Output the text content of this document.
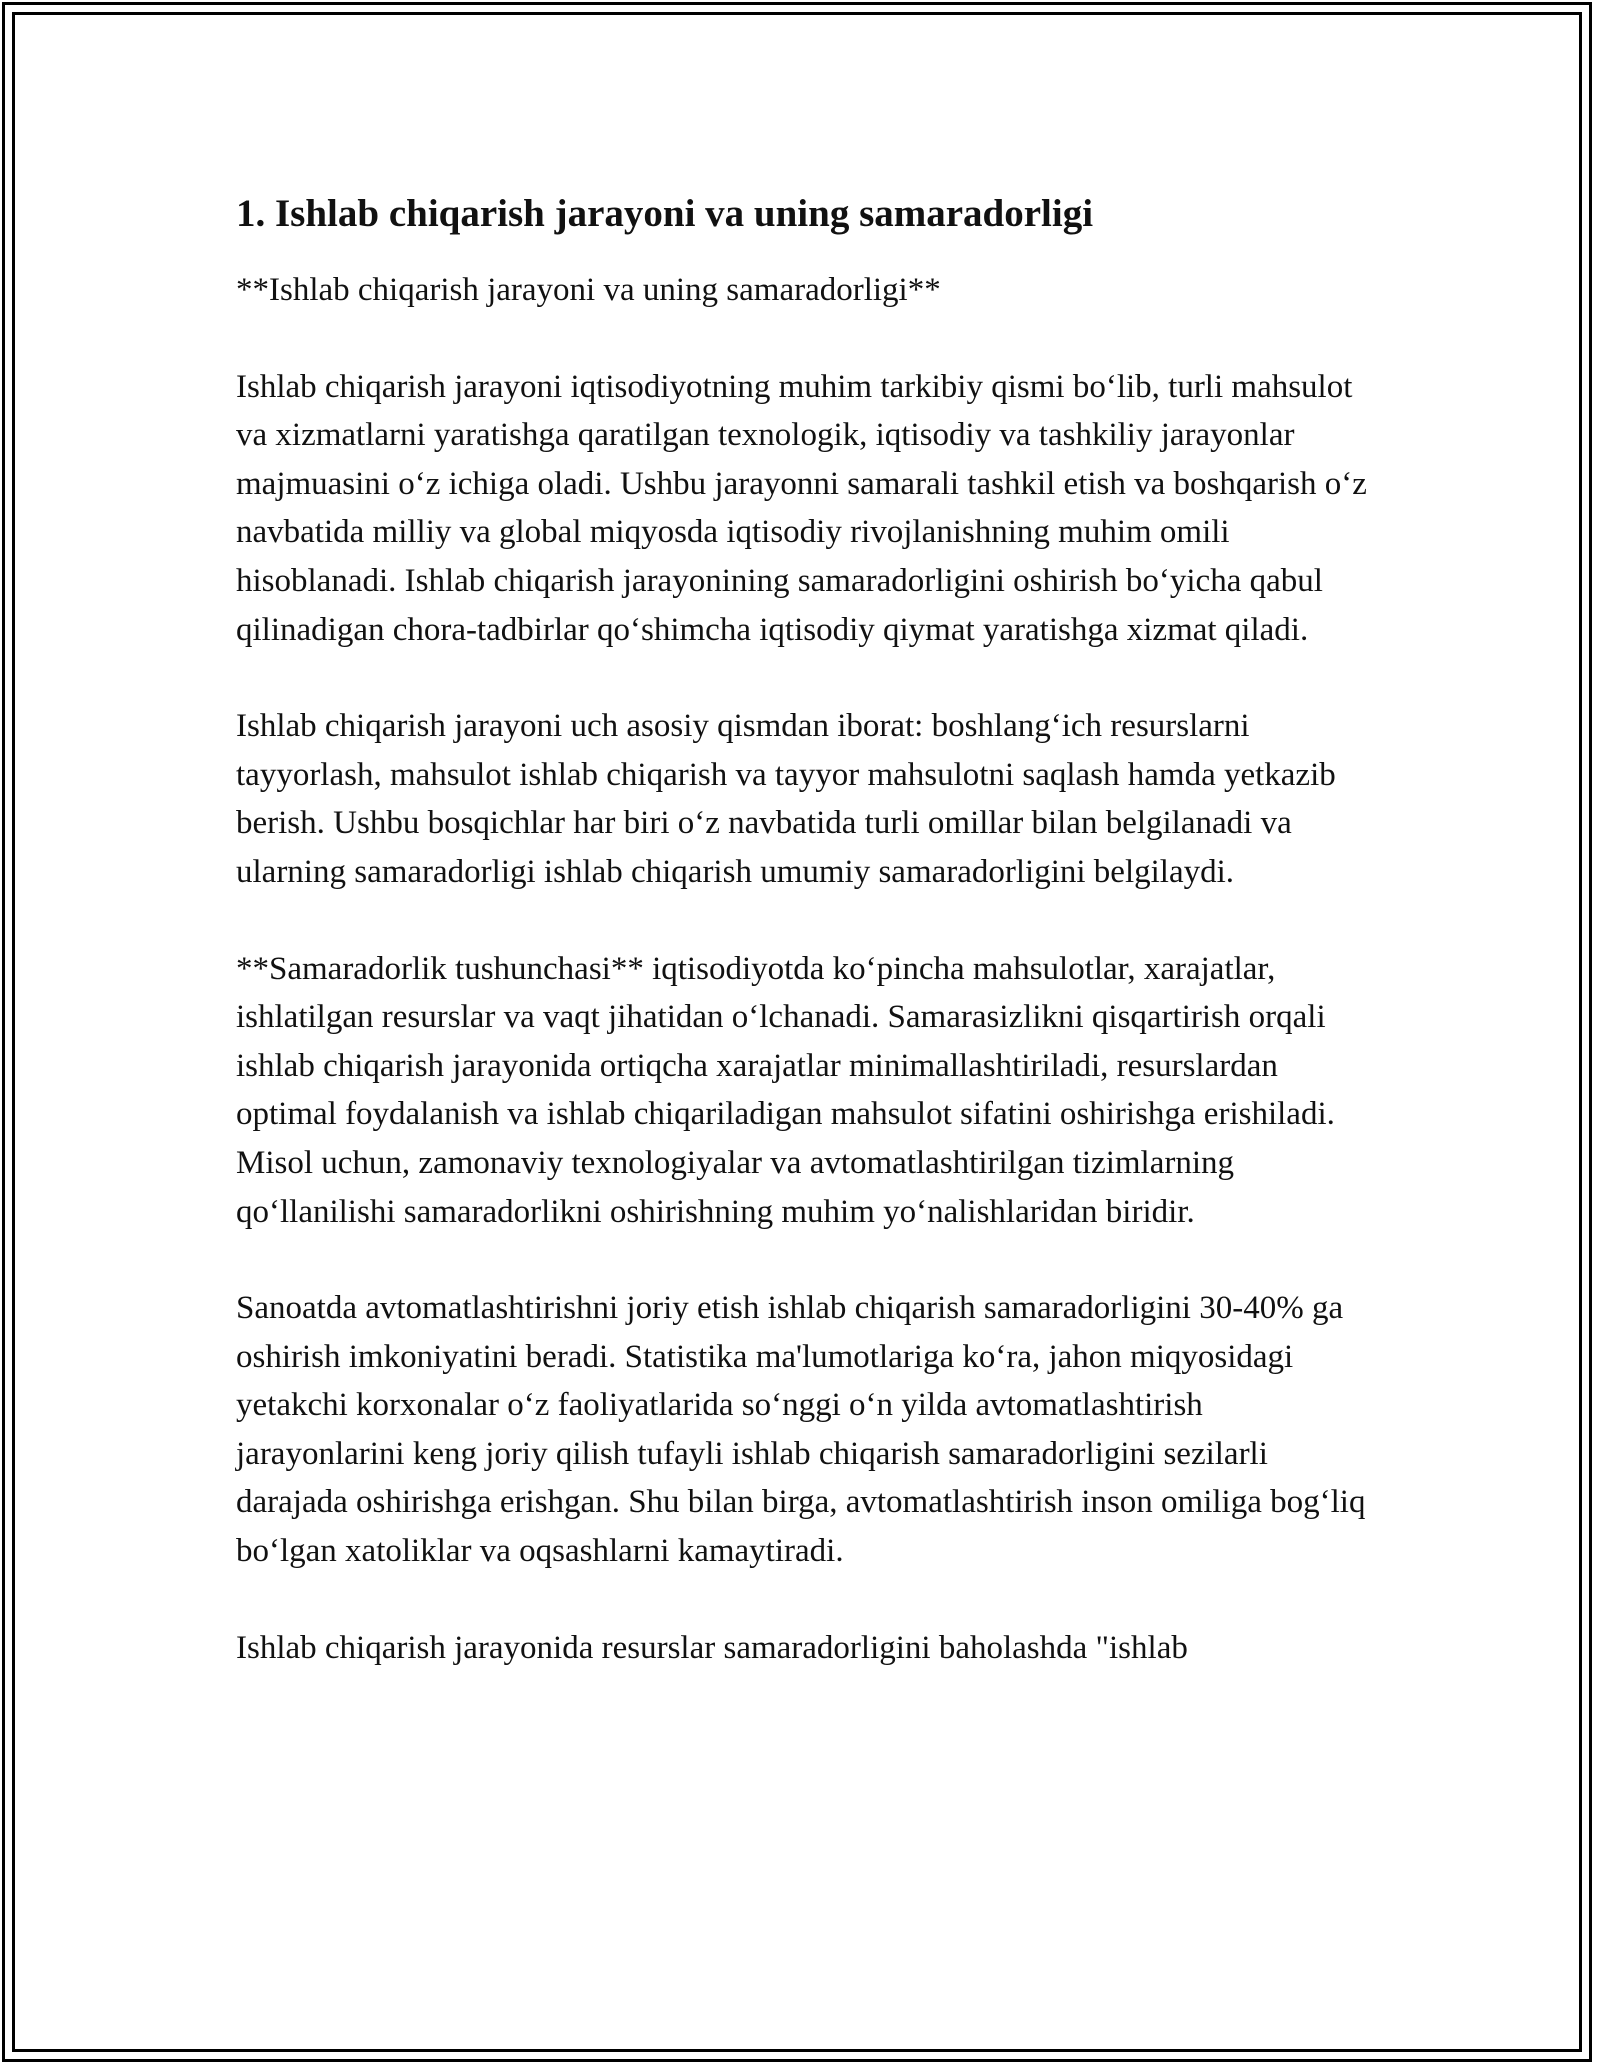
1. Ishlab chiqarish jarayoni va uning samaradorligi

**Ishlab chiqarish jarayoni va uning samaradorligi**

Ishlab chiqarish jarayoni iqtisodiyotning muhim tarkibiy qismi bo‘lib, turli mahsulot va xizmatlarni yaratishga qaratilgan texnologik, iqtisodiy va tashkiliy jarayonlar majmuasini o‘z ichiga oladi. Ushbu jarayonni samarali tashkil etish va boshqarish o‘z navbatida milliy va global miqyosda iqtisodiy rivojlanishning muhim omili hisoblanadi. Ishlab chiqarish jarayonining samaradorligini oshirish bo‘yicha qabul qilinadigan chora-tadbirlar qo‘shimcha iqtisodiy qiymat yaratishga xizmat qiladi.

Ishlab chiqarish jarayoni uch asosiy qismdan iborat: boshlang‘ich resurslarni tayyorlash, mahsulot ishlab chiqarish va tayyor mahsulotni saqlash hamda yetkazib berish. Ushbu bosqichlar har biri o‘z navbatida turli omillar bilan belgilanadi va ularning samaradorligi ishlab chiqarish umumiy samaradorligini belgilaydi.

**Samaradorlik tushunchasi** iqtisodiyotda ko‘pincha mahsulotlar, xarajatlar, ishlatilgan resurslar va vaqt jihatidan o‘lchanadi. Samarasizlikni qisqartirish orqali ishlab chiqarish jarayonida ortiqcha xarajatlar minimallashtiriladi, resurslardan optimal foydalanish va ishlab chiqariladigan mahsulot sifatini oshirishga erishiladi. Misol uchun, zamonaviy texnologiyalar va avtomatlashtirilgan tizimlarning qo‘llanilishi samaradorlikni oshirishning muhim yo‘nalishlaridan biridir.

Sanoatda avtomatlashtirishni joriy etish ishlab chiqarish samaradorligini 30-40% ga oshirish imkoniyatini beradi. Statistika ma'lumotlariga ko‘ra, jahon miqyosidagi yetakchi korxonalar o‘z faoliyatlarida so‘nggi o‘n yilda avtomatlashtirish jarayonlarini keng joriy qilish tufayli ishlab chiqarish samaradorligini sezilarli darajada oshirishga erishgan. Shu bilan birga, avtomatlashtirish inson omiliga bog‘liq bo‘lgan xatoliklar va oqsashlarni kamaytiradi.

Ishlab chiqarish jarayonida resurslar samaradorligini baholashda "ishlab
